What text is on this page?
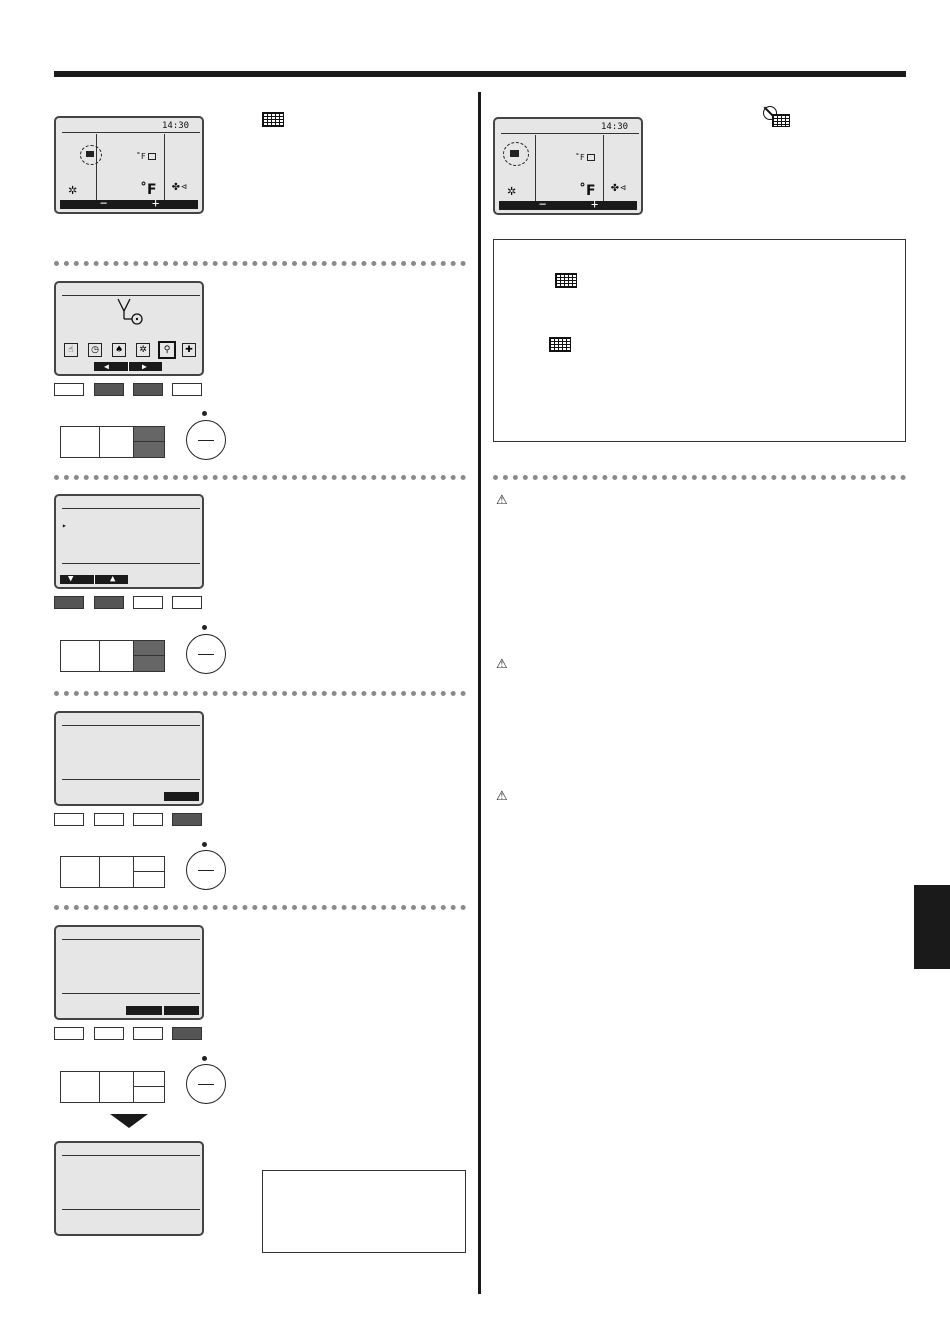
14:30
˚F
✲	˚F ✤◃
−	+
☝	◷	♠	✲	⚲	✚
◀	▶
▸
▼	▲
14:30
˚F
✲	˚F ✤◃
−	+
⚠
⚠
⚠
